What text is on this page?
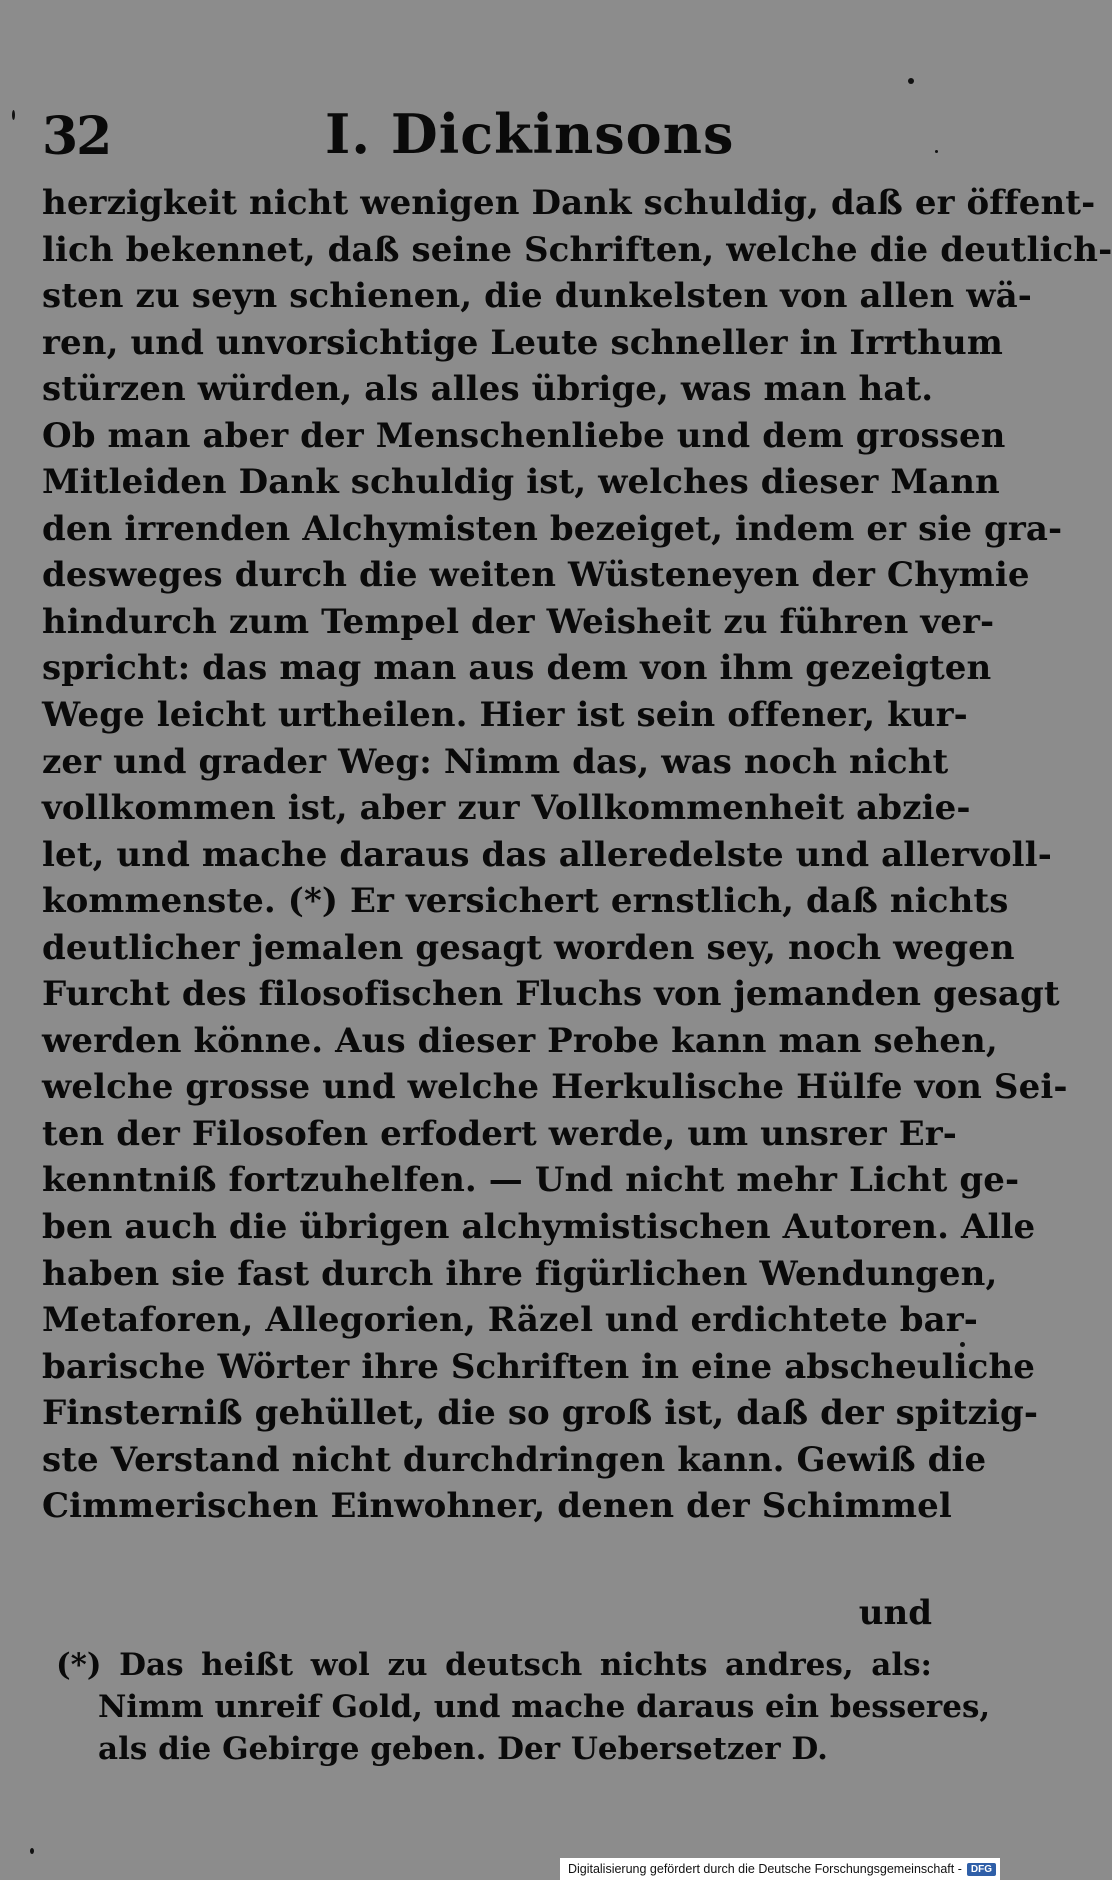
32	I. Dickinsons
herzigkeit nicht wenigen Dank schuldig, daß er öffent-
lich bekennet, daß seine Schriften, welche die deutlich-
sten zu seyn schienen, die dunkelsten von allen wä-
ren, und unvorsichtige Leute schneller in Irrthum
stürzen würden, als alles übrige, was man hat.
Ob man aber der Menschenliebe und dem grossen
Mitleiden Dank schuldig ist, welches dieser Mann
den irrenden Alchymisten bezeiget, indem er sie gra-
desweges durch die weiten Wüsteneyen der Chymie
hindurch zum Tempel der Weisheit zu führen ver-
spricht: das mag man aus dem von ihm gezeigten
Wege leicht urtheilen. Hier ist sein offener, kur-
zer und grader Weg: Nimm das, was noch nicht
vollkommen ist, aber zur Vollkommenheit abzie-
let, und mache daraus das alleredelste und allervoll-
kommenste. (*) Er versichert ernstlich, daß nichts
deutlicher jemalen gesagt worden sey, noch wegen
Furcht des filosofischen Fluchs von jemanden gesagt
werden könne. Aus dieser Probe kann man sehen,
welche grosse und welche Herkulische Hülfe von Sei-
ten der Filosofen erfodert werde, um unsrer Er-
kenntniß fortzuhelfen. — Und nicht mehr Licht ge-
ben auch die übrigen alchymistischen Autoren. Alle
haben sie fast durch ihre figürlichen Wendungen,
Metaforen, Allegorien, Räzel und erdichtete bar-
barische Wörter ihre Schriften in eine abscheuliche
Finsterniß gehüllet, die so groß ist, daß der spitzig-
ste Verstand nicht durchdringen kann. Gewiß die
Cimmerischen Einwohner, denen der Schimmel
und
(*) Das heißt wol zu deutsch nichts andres, als:
Nimm unreif Gold, und mache daraus ein besseres,
als die Gebirge geben. Der Uebersetzer D.
Digitalisierung gefördert durch die Deutsche Forschungsgemeinschaft - DFG
